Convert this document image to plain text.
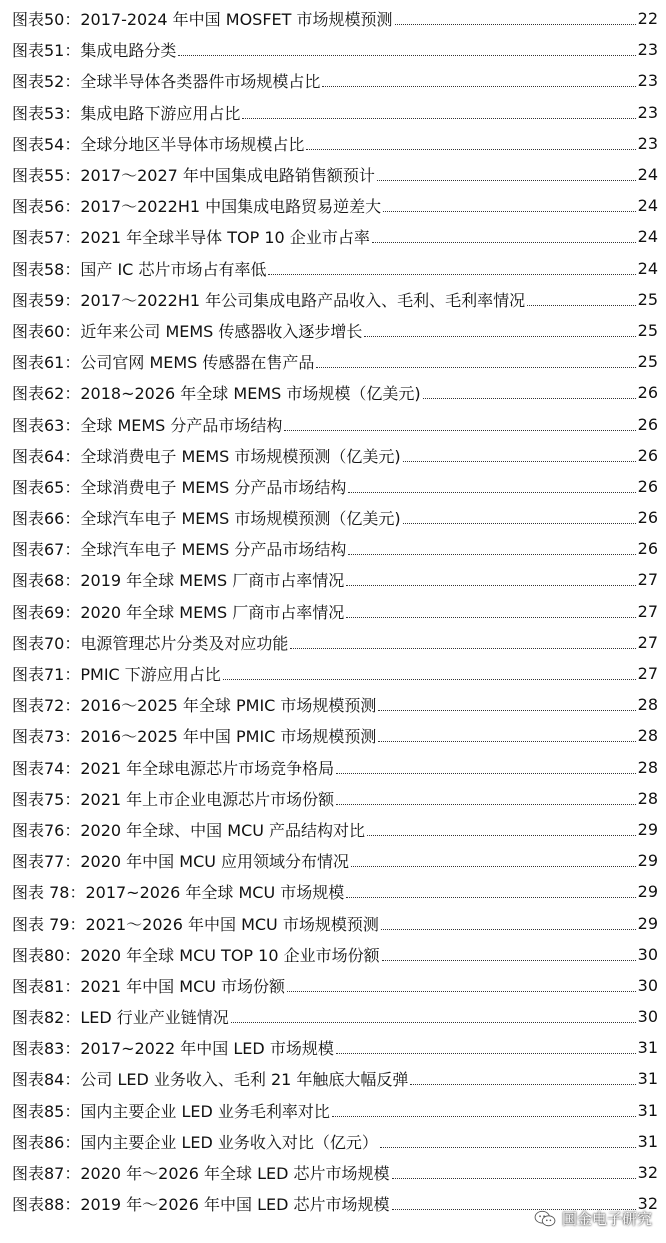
图表50： 2017-2024 年中国 MOSFET 市场规模预测	22
图表51： 集成电路分类	23
图表52： 全球半导体各类器件市场规模占比	23
图表53： 集成电路下游应用占比	23
图表54： 全球分地区半导体市场规模占比	23
图表55： 2017～2027 年中国集成电路销售额预计	24
图表56： 2017～2022H1 中国集成电路贸易逆差大	24
图表57： 2021 年全球半导体 TOP 10 企业市占率	24
图表58： 国产 IC 芯片市场占有率低	24
图表59： 2017～2022H1 年公司集成电路产品收入、毛利、毛利率情况	25
图表60： 近年来公司 MEMS 传感器收入逐步增长	25
图表61： 公司官网 MEMS 传感器在售产品	25
图表62： 2018~2026 年全球 MEMS 市场规模（亿美元)	26
图表63： 全球 MEMS 分产品市场结构	26
图表64： 全球消费电子 MEMS 市场规模预测（亿美元)	26
图表65： 全球消费电子 MEMS 分产品市场结构	26
图表66： 全球汽车电子 MEMS 市场规模预测（亿美元)	26
图表67： 全球汽车电子 MEMS 分产品市场结构	26
图表68： 2019 年全球 MEMS 厂商市占率情况	27
图表69： 2020 年全球 MEMS 厂商市占率情况	27
图表70： 电源管理芯片分类及对应功能	27
图表71： PMIC 下游应用占比	27
图表72： 2016～2025 年全球 PMIC 市场规模预测	28
图表73： 2016～2025 年中国 PMIC 市场规模预测	28
图表74： 2021 年全球电源芯片市场竞争格局	28
图表75： 2021 年上市企业电源芯片市场份额	28
图表76： 2020 年全球、中国 MCU 产品结构对比	29
图表77： 2020 年中国 MCU 应用领域分布情况	29
图表 78： 2017~2026 年全球 MCU 市场规模	29
图表 79： 2021～2026 年中国 MCU 市场规模预测	29
图表80： 2020 年全球 MCU TOP 10 企业市场份额	30
图表81： 2021 年中国 MCU 市场份额	30
图表82： LED 行业产业链情况	30
图表83： 2017~2022 年中国 LED 市场规模	31
图表84： 公司 LED 业务收入、毛利 21 年触底大幅反弹	31
图表85： 国内主要企业 LED 业务毛利率对比	31
图表86： 国内主要企业 LED 业务收入对比（亿元）	31
图表87： 2020 年～2026 年全球 LED 芯片市场规模	32
图表88： 2019 年～2026 年中国 LED 芯片市场规模	32
国金电子研究
